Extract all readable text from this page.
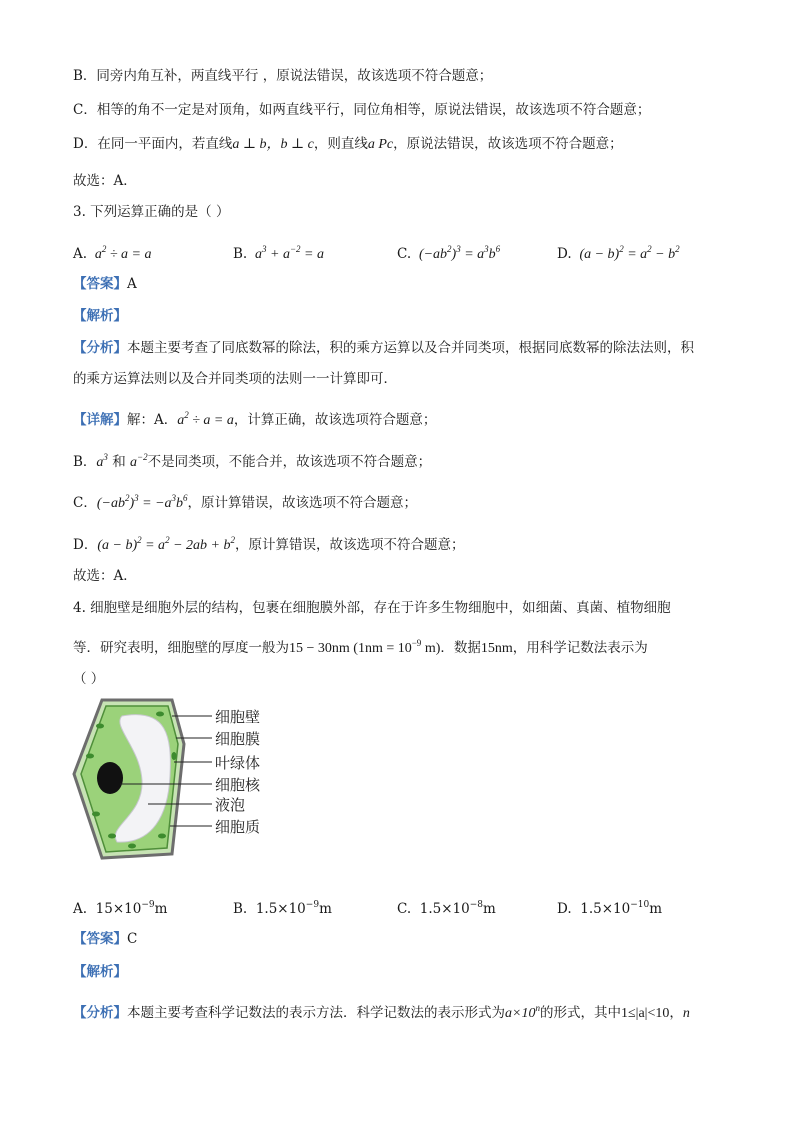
B．同旁内角互补，两直线平行 ，原说法错误，故该选项不符合题意；
C．相等的角不一定是对顶角，如两直线平行，同位角相等，原说法错误，故该选项不符合题意；
D．在同一平面内，若直线a ⊥ b，b ⊥ c，则直线a Pc，原说法错误，故该选项不符合题意；
故选：A．
3. 下列运算正确的是（ ）
A.  $a^2 \div a = a$	B.  $a^3 + a^{-2} = a$	C.  $(-ab^2)^3 = a^3b^6$	D.  $(a - b)^2 = a^2 - b^2$
【答案】A
【解析】
【分析】本题主要考查了同底数幂的除法，积的乘方运算以及合并同类项，根据同底数幂的除法法则，积
的乘方运算法则以及合并同类项的法则一一计算即可．
【详解】解：A．$a^2 \div a = a$，计算正确，故该选项符合题意；
B．$a^3$ 和 $a^{-2}$不是同类项，不能合并，故该选项不符合题意；
C．$(-ab^2)^3 = -a^3b^6$，原计算错误，故该选项不符合题意；
D．$(a - b)^2 = a^2 - 2ab + b^2$，原计算错误，故该选项不符合题意；
故选：A．
4. 细胞壁是细胞外层的结构，包裹在细胞膜外部，存在于许多生物细胞中，如细菌、真菌、植物细胞
等．研究表明，细胞壁的厚度一般为15 − 30nm ($1nm = 10^{-9}$ m)．数据15nm，用科学记数法表示为
（ ）
细胞壁
细胞膜
叶绿体
细胞核
液泡
细胞质
A. $15\times 10^{-9}m$	B. $1.5\times 10^{-9}m$	C. $1.5\times 10^{-8}m$	D. $1.5\times 10^{-10}m$
【答案】C
【解析】
【分析】本题主要考查科学记数法的表示方法．科学记数法的表示形式为$a\times 10^n$的形式，其中1≤|a|<10，n
